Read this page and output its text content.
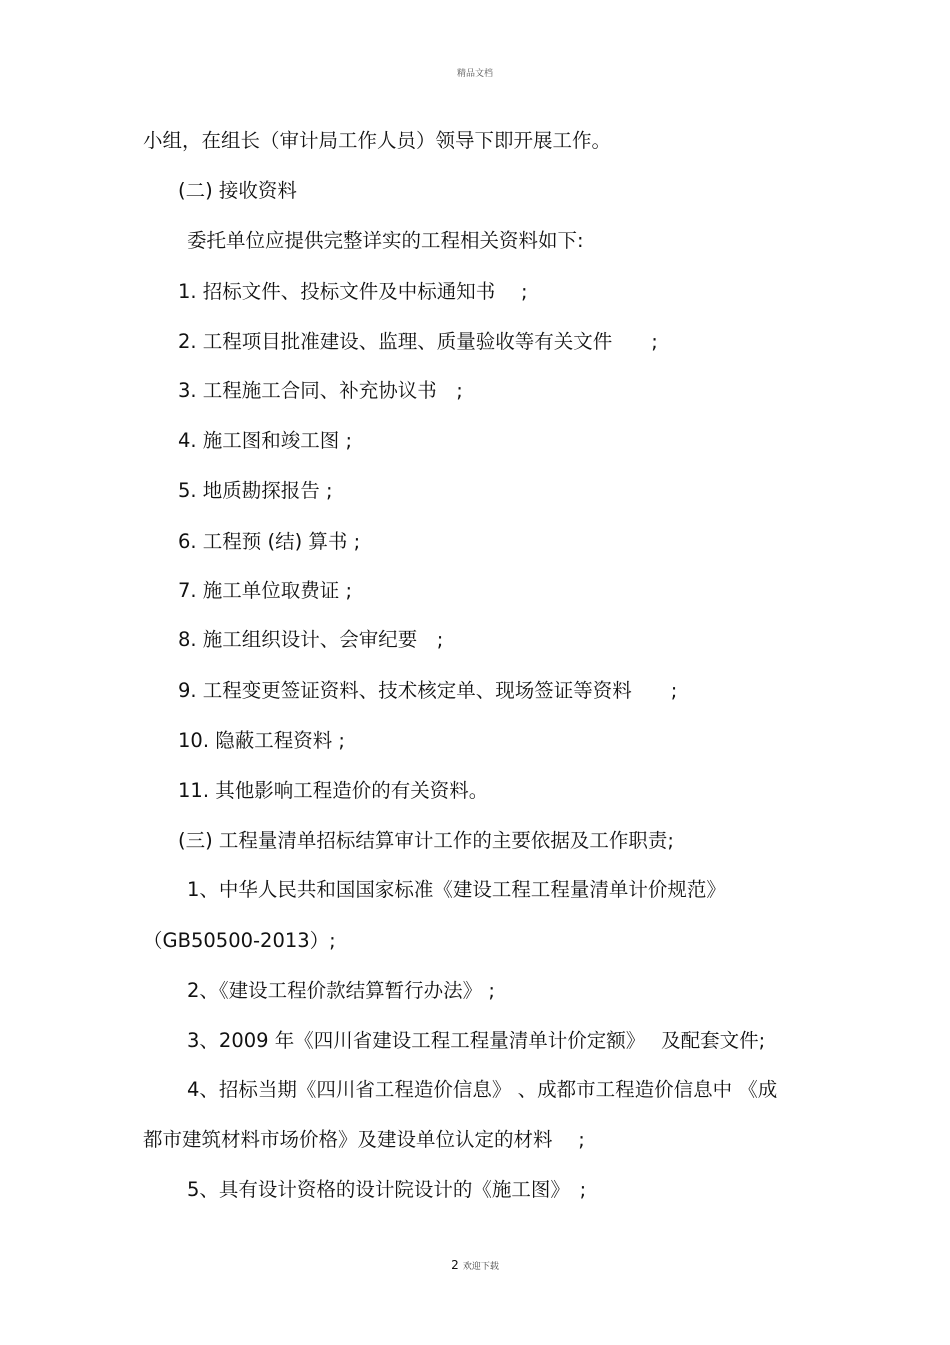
精品文档
小组，在组长（审计局工作人员）领导下即开展工作。
(二) 接收资料
委托单位应提供完整详实的工程相关资料如下:
1. 招标文件、投标文件及中标通知书　 ;
2. 工程项目批准建设、监理、质量验收等有关文件　　;
3. 工程施工合同、补充协议书　;
4. 施工图和竣工图 ;
5. 地质勘探报告 ;
6. 工程预 (结) 算书 ;
7. 施工单位取费证 ;
8. 施工组织设计、会审纪要　;
9. 工程变更签证资料、技术核定单、现场签证等资料　　;
10. 隐蔽工程资料 ;
11. 其他影响工程造价的有关资料。
(三) 工程量清单招标结算审计工作的主要依据及工作职责;
1、中华人民共和国国家标准《建设工程工程量清单计价规范》
（GB50500-2013）;
2、《建设工程价款结算暂行办法》 ;
3、2009 年《四川省建设工程工程量清单计价定额》　 及配套文件;
4、招标当期《四川省工程造价信息》 、成都市工程造价信息中 《成
都市建筑材料市场价格》及建设单位认定的材料　 ;
5、具有设计资格的设计院设计的《施工图》　;
2 欢迎下载
